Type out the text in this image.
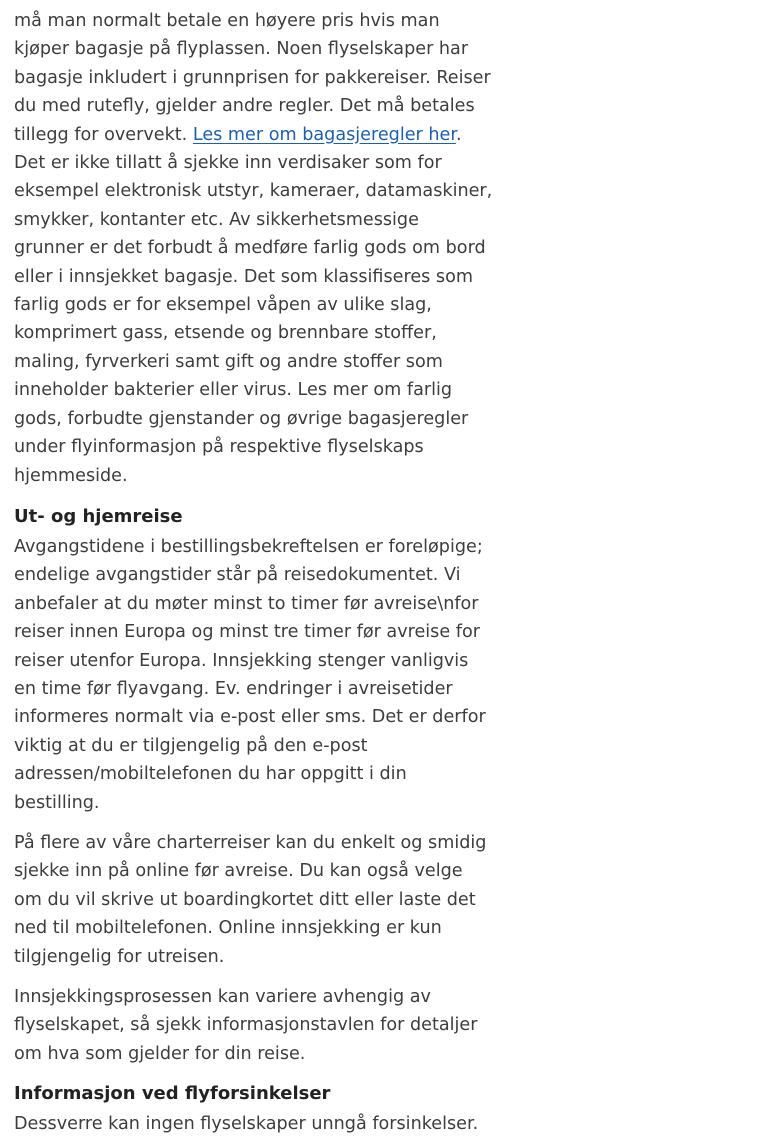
må man normalt betale en høyere pris hvis man kjøper bagasje på flyplassen. Noen flyselskaper har bagasje inkludert i grunnprisen for pakkereiser. Reiser du med rutefly, gjelder andre regler. Det må betales tillegg for overvekt. Les mer om bagasjeregler her. Det er ikke tillatt å sjekke inn verdisaker som for eksempel elektronisk utstyr, kameraer, datamaskiner, smykker, kontanter etc. Av sikkerhetsmessige grunner er det forbudt å medføre farlig gods om bord eller i innsjekket bagasje. Det som klassifiseres som farlig gods er for eksempel våpen av ulike slag, komprimert gass, etsende og brennbare stoffer, maling, fyrverkeri samt gift og andre stoffer som inneholder bakterier eller virus. Les mer om farlig gods, forbudte gjenstander og øvrige bagasjeregler under flyinformasjon på respektive flyselskaps hjemmeside.

Ut- og hjemreise

Avgangstidene i bestillingsbekreftelsen er foreløpige; endelige avgangstider står på reisedokumentet. Vi anbefaler at du møter minst to timer før avreise\nfor reiser innen Europa og minst tre timer før avreise for reiser utenfor Europa. Innsjekking stenger vanligvis en time før flyavgang. Ev. endringer i avreisetider informeres normalt via e-post eller sms. Det er derfor viktig at du er tilgjengelig på den e-post adressen/mobiltelefonen du har oppgitt i din bestilling.

På flere av våre charterreiser kan du enkelt og smidig sjekke inn på online før avreise. Du kan også velge om du vil skrive ut boardingkortet ditt eller laste det ned til mobiltelefonen. Online innsjekking er kun tilgjengelig for utreisen.

Innsjekkingsprosessen kan variere avhengig av flyselskapet, så sjekk informasjonstavlen for detaljer om hva som gjelder for din reise.

Informasjon ved flyforsinkelser

Dessverre kan ingen flyselskaper unngå forsinkelser.
